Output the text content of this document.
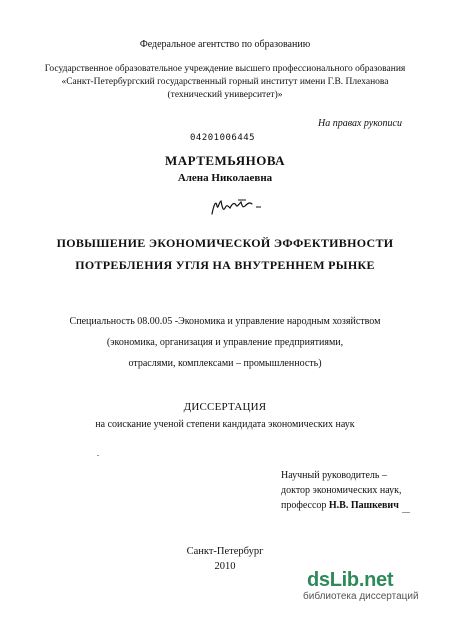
Федеральное агентство по образованию
Государственное образовательное учреждение высшего профессионального образования
«Санкт-Петербургский государственный горный институт имени Г.В. Плеханова
(технический университет)»
На правах рукописи
04201006445
МАРТЕМЬЯНОВА
Алена Николаевна
ПОВЫШЕНИЕ ЭКОНОМИЧЕСКОЙ ЭФФЕКТИВНОСТИ
ПОТРЕБЛЕНИЯ УГЛЯ НА ВНУТРЕННЕМ РЫНКЕ
Специальность 08.00.05 -Экономика и управление народным хозяйством
(экономика, организация и управление предприятиями,
отраслями, комплексами – промышленность)
ДИССЕРТАЦИЯ
на соискание ученой степени кандидата экономических наук
Научный руководитель –
доктор экономических наук,
профессор Н.В. Пашкевич
Санкт-Петербург
2010
dsLib.net
библиотека диссертаций
